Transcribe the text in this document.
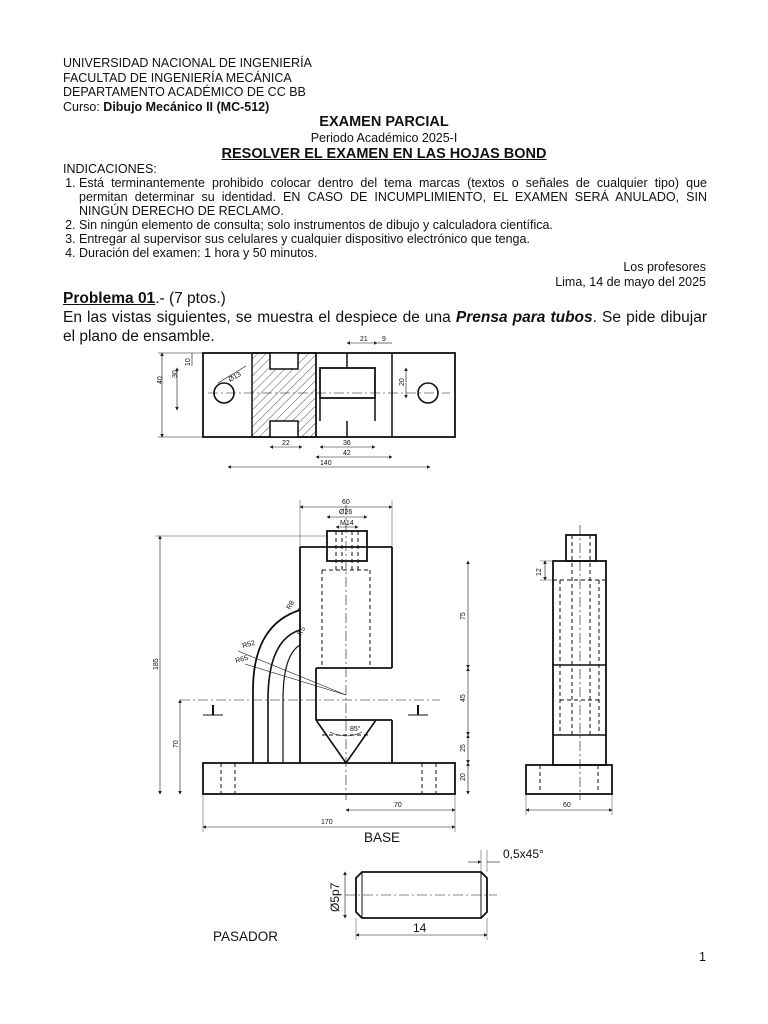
UNIVERSIDAD NACIONAL DE INGENIERÍA
FACULTAD DE INGENIERÍA MECÁNICA
DEPARTAMENTO ACADÉMICO DE CC BB
Curso: Dibujo Mecánico II (MC-512)
EXAMEN PARCIAL
Periodo Académico 2025-I
RESOLVER EL EXAMEN EN LAS HOJAS BOND
INDICACIONES:
1. Está terminantemente prohibido colocar dentro del tema marcas (textos o señales de cualquier tipo) que permitan determinar su identidad. EN CASO DE INCUMPLIMIENTO, EL EXAMEN SERÁ ANULADO, SIN NINGÚN DERECHO DE RECLAMO.
2. Sin ningún elemento de consulta; solo instrumentos de dibujo y calculadora científica.
3. Entregar al supervisor sus celulares y cualquier dispositivo electrónico que tenga.
4. Duración del examen: 1 hora y 50 minutos.
Los profesores
Lima, 14 de mayo del 2025
Problema 01.- (7 ptos.)
En las vistas siguientes, se muestra el despiece de una Prensa para tubos. Se pide dibujar el plano de ensamble.
40
30
10
Ø13
21 9
20
22	36
42
140
60
Ø26
M14
185
R8
R5
R52
R65
75
85°
45
25
20
70
70
170
12
60
0,5x45°
Ø5p7
14
BASE
PASADOR
1
